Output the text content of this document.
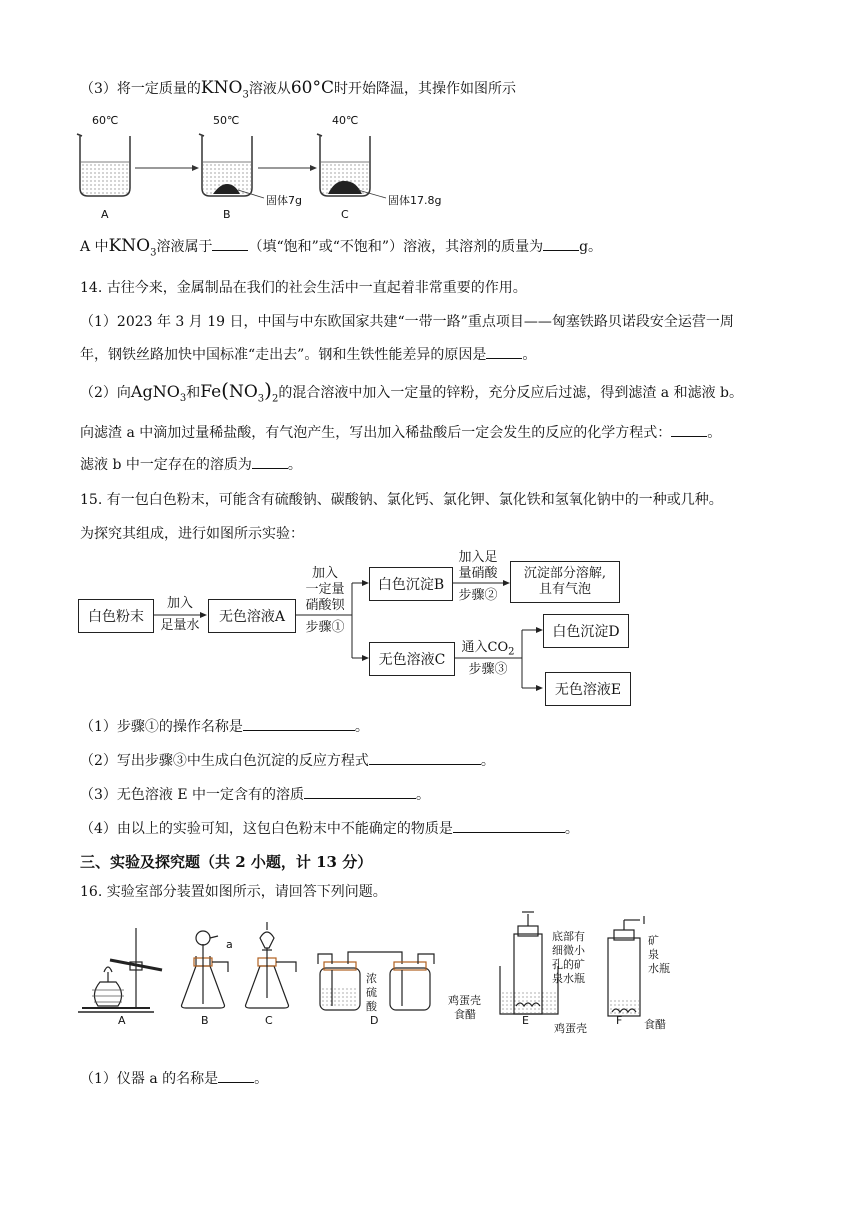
（3）将一定质量的$KNO_3$溶液从60°C时开始降温，其操作如图所示
60℃	50℃	40℃
固体7g	固体17.8g
A	B	C
A 中$KNO_3$溶液属于	（填“饱和”或“不饱和”）溶液，其溶剂的质量为	g。
14. 古往今来，金属制品在我们的社会生活中一直起着非常重要的作用。
（1）2023 年 3 月 19 日，中国与中东欧国家共建“一带一路”重点项目——匈塞铁路贝诺段安全运营一周
年，钢铁丝路加快中国标准“走出去”。钢和生铁性能差异的原因是	。
（2）向AgNO$_3$和$Fe(NO_3)_2$的混合溶液中加入一定量的锌粉，充分反应后过滤，得到滤渣 a 和滤液 b。
向滤渣 a 中滴加过量稀盐酸，有气泡产生，写出加入稀盐酸后一定会发生的反应的化学方程式：	。
滤液 b 中一定存在的溶质为	。
15. 有一包白色粉末，可能含有硫酸钠、碳酸钠、氯化钙、氯化钾、氯化铁和氢氧化钠中的一种或几种。
为探究其组成，进行如图所示实验：
白色粉末
加入
足量水
无色溶液A
加入
一定量
硝酸钡
步骤①
白色沉淀B
加入足
量硝酸
步骤②
沉淀部分溶解,
且有气泡
无色溶液C
通入$CO_2$
步骤③
白色沉淀D
无色溶液E
（1）步骤①的操作名称是	。
（2）写出步骤③中生成白色沉淀的反应方程式	。
（3）无色溶液 E 中一定含有的溶质	。
（4）由以上的实验可知，这包白色粉末中不能确定的物质是	。
三、实验及探究题（共 2 小题，计 13 分）
16. 实验室部分装置如图所示，请回答下列问题。
a
浓
硫
酸
底部有
细微小
孔的矿
泉水瓶
鸡蛋壳
食醋
矿
泉
水瓶
鸡蛋壳	食醋
A	B	C	D	E	F
（1）仪器 a 的名称是	。
